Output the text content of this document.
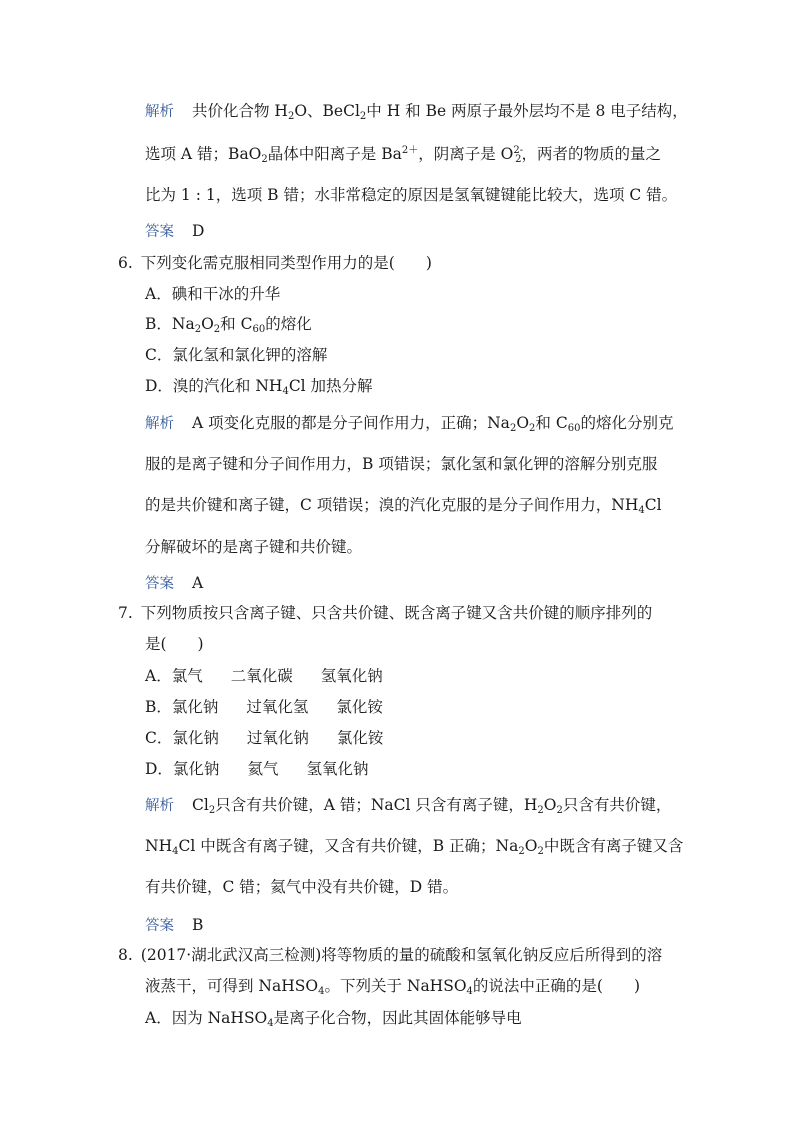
解析 共价化合物 $H_2O$、BeCl$_2$中 H 和 Be 两原子最外层均不是 8 电子结构，
选项 A 错；BaO$_2$晶体中阳离子是 $Ba^{2+}$，阴离子是 $O^{2-}_2$，两者的物质的量之
比为 1 : 1，选项 B 错；水非常稳定的原因是氢氧键键能比较大，选项 C 错。
答案 D
6. 下列变化需克服相同类型作用力的是(　　)
A．碘和干冰的升华
B．$Na_2O_2$和 $C_{60}$的熔化
C．氯化氢和氯化钾的溶解
D．溴的汽化和 $NH_4Cl$ 加热分解
解析 A 项变化克服的都是分子间作用力，正确；$Na_2O_2$和 $C_{60}$的熔化分别克
服的是离子键和分子间作用力，B 项错误；氯化氢和氯化钾的溶解分别克服
的是共价键和离子键，C 项错误；溴的汽化克服的是分子间作用力，$NH_4Cl$
分解破坏的是离子键和共价键。
答案 A
7. 下列物质按只含离子键、只含共价键、既含离子键又含共价键的顺序排列的
是(　　)
A．氯气 二氧化碳 氢氧化钠
B．氯化钠 过氧化氢 氯化铵
C．氯化钠 过氧化钠 氯化铵
D．氯化钠 氦气 氢氧化钠
解析 $Cl_2$只含有共价键，A 错；NaCl 只含有离子键，$H_2O_2$只含有共价键，
$NH_4Cl$ 中既含有离子键，又含有共价键，B 正确；$Na_2O_2$中既含有离子键又含
有共价键，C 错；氦气中没有共价键，D 错。
答案 B
8. (2017·湖北武汉高三检测)将等物质的量的硫酸和氢氧化钠反应后所得到的溶
液蒸干，可得到 NaHSO$_4$。下列关于 NaHSO$_4$的说法中正确的是(　　)
A．因为 NaHSO$_4$是离子化合物，因此其固体能够导电
